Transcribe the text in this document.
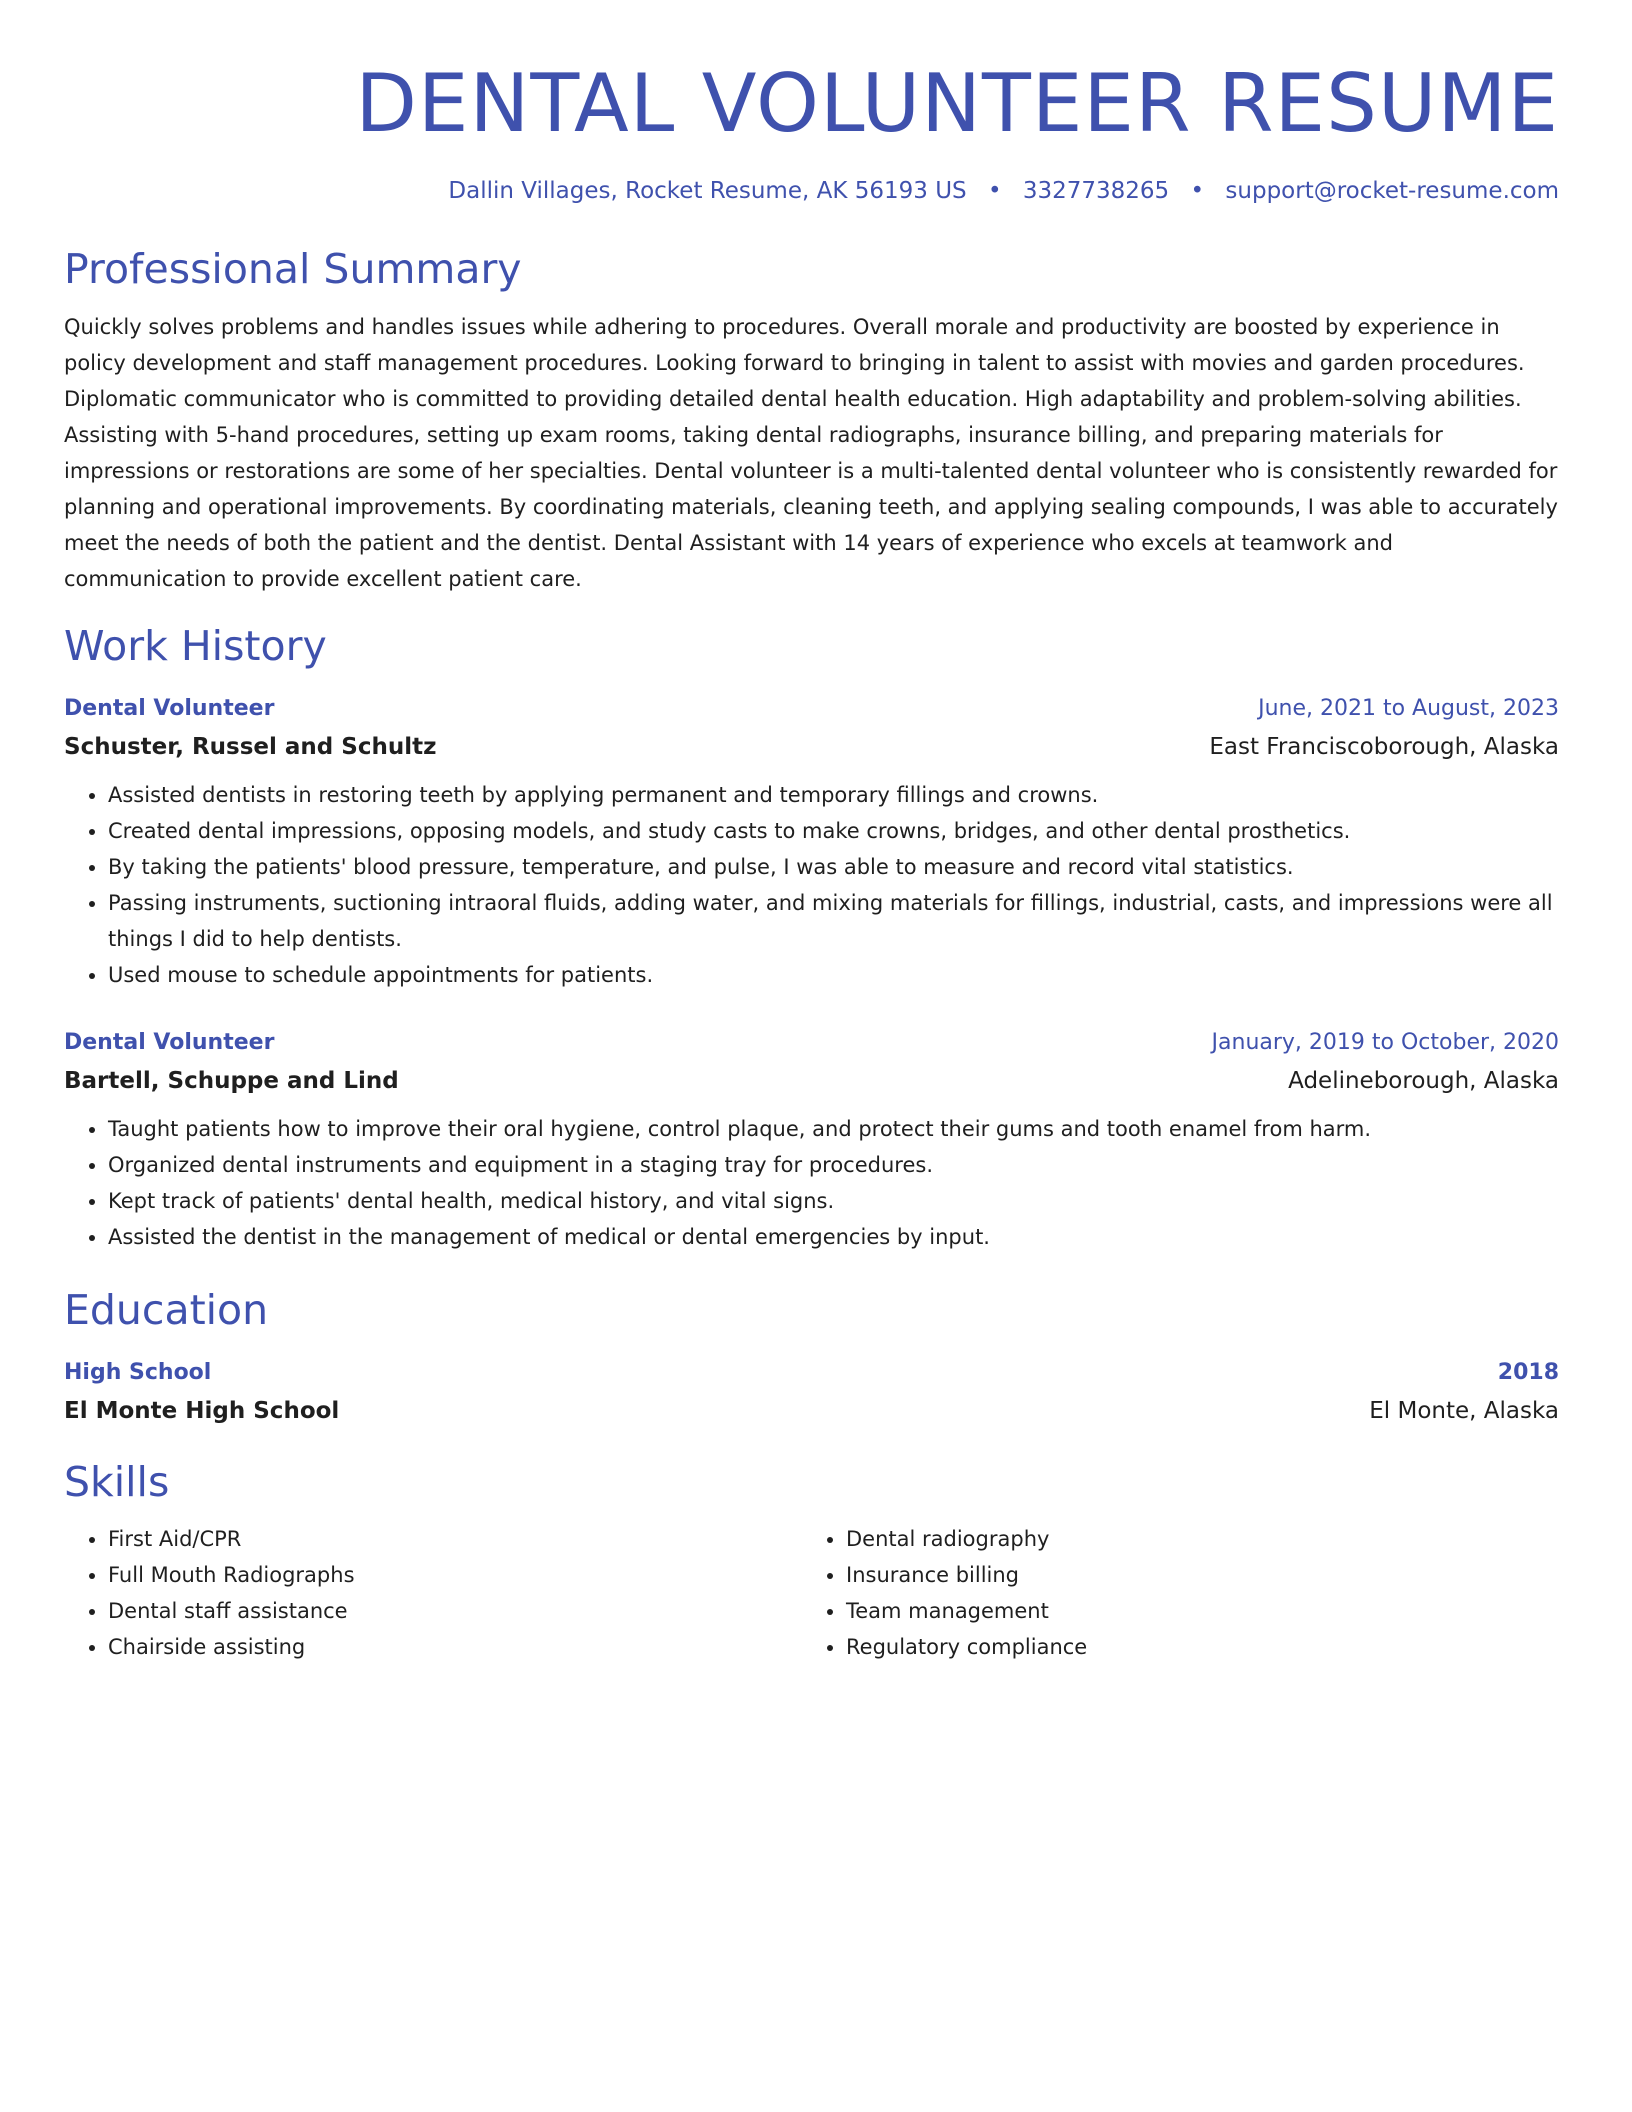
DENTAL VOLUNTEER RESUME
Dallin Villages, Rocket Resume, AK 56193 US • 3327738265 • support@rocket-resume.com
Professional Summary
Quickly solves problems and handles issues while adhering to procedures. Overall morale and productivity are boosted by experience in policy development and staff management procedures. Looking forward to bringing in talent to assist with movies and garden procedures. Diplomatic communicator who is committed to providing detailed dental health education. High adaptability and problem-solving abilities. Assisting with 5-hand procedures, setting up exam rooms, taking dental radiographs, insurance billing, and preparing materials for impressions or restorations are some of her specialties. Dental volunteer is a multi-talented dental volunteer who is consistently rewarded for planning and operational improvements. By coordinating materials, cleaning teeth, and applying sealing compounds, I was able to accurately meet the needs of both the patient and the dentist. Dental Assistant with 14 years of experience who excels at teamwork and communication to provide excellent patient care.
Work History
Dental Volunteer	June, 2021 to August, 2023
Schuster, Russel and Schultz	East Franciscoborough, Alaska
• Assisted dentists in restoring teeth by applying permanent and temporary fillings and crowns.
• Created dental impressions, opposing models, and study casts to make crowns, bridges, and other dental prosthetics.
• By taking the patients' blood pressure, temperature, and pulse, I was able to measure and record vital statistics.
• Passing instruments, suctioning intraoral fluids, adding water, and mixing materials for fillings, industrial, casts, and impressions were all things I did to help dentists.
• Used mouse to schedule appointments for patients.
Dental Volunteer	January, 2019 to October, 2020
Bartell, Schuppe and Lind	Adelineborough, Alaska
• Taught patients how to improve their oral hygiene, control plaque, and protect their gums and tooth enamel from harm.
• Organized dental instruments and equipment in a staging tray for procedures.
• Kept track of patients' dental health, medical history, and vital signs.
• Assisted the dentist in the management of medical or dental emergencies by input.
Education
High School	2018
El Monte High School	El Monte, Alaska
Skills
• First Aid/CPR
• Full Mouth Radiographs
• Dental staff assistance
• Chairside assisting
• Dental radiography
• Insurance billing
• Team management
• Regulatory compliance
